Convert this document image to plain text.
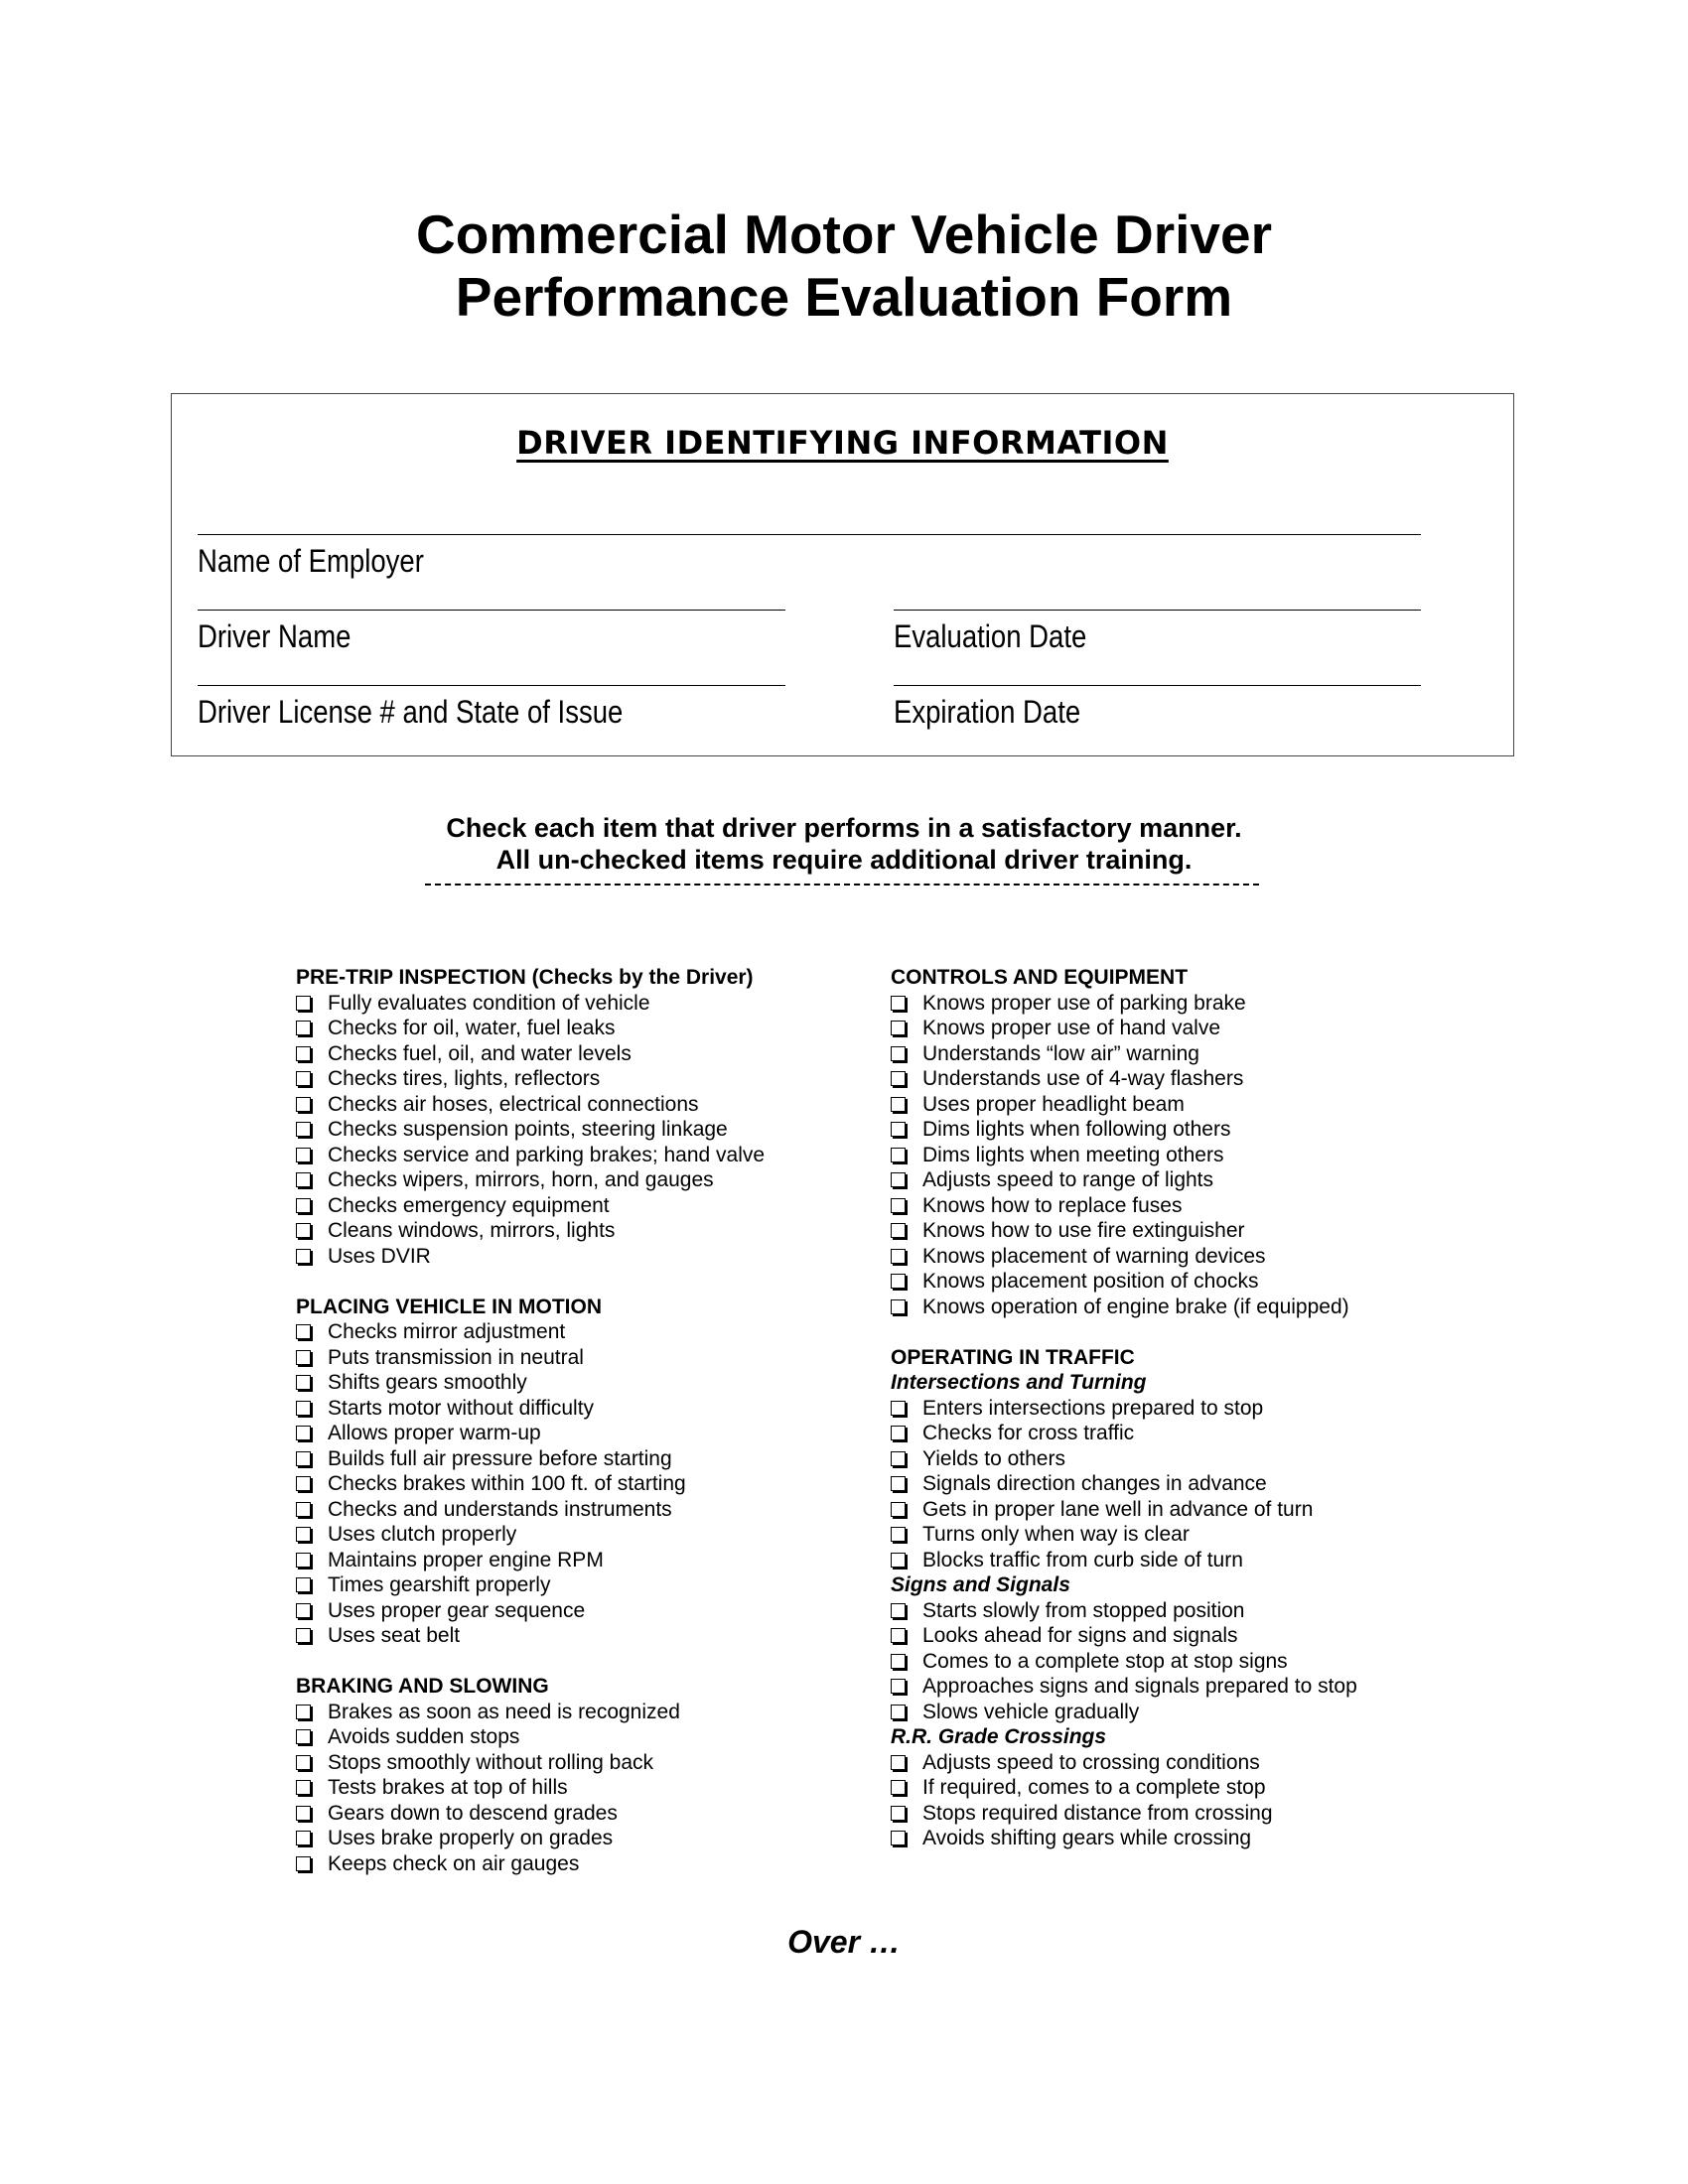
Commercial Motor Vehicle Driver
Performance Evaluation Form
DRIVER IDENTIFYING INFORMATION
Name of Employer
Driver Name	Evaluation Date
Driver License # and State of Issue	Expiration Date
Check each item that driver performs in a satisfactory manner.
All un-checked items require additional driver training.
PRE-TRIP INSPECTION (Checks by the Driver)
Fully evaluates condition of vehicle
Checks for oil, water, fuel leaks
Checks fuel, oil, and water levels
Checks tires, lights, reflectors
Checks air hoses, electrical connections
Checks suspension points, steering linkage
Checks service and parking brakes; hand valve
Checks wipers, mirrors, horn, and gauges
Checks emergency equipment
Cleans windows, mirrors, lights
Uses DVIR
PLACING VEHICLE IN MOTION
Checks mirror adjustment
Puts transmission in neutral
Shifts gears smoothly
Starts motor without difficulty
Allows proper warm-up
Builds full air pressure before starting
Checks brakes within 100 ft. of starting
Checks and understands instruments
Uses clutch properly
Maintains proper engine RPM
Times gearshift properly
Uses proper gear sequence
Uses seat belt
BRAKING AND SLOWING
Brakes as soon as need is recognized
Avoids sudden stops
Stops smoothly without rolling back
Tests brakes at top of hills
Gears down to descend grades
Uses brake properly on grades
Keeps check on air gauges
CONTROLS AND EQUIPMENT
Knows proper use of parking brake
Knows proper use of hand valve
Understands “low air” warning
Understands use of 4-way flashers
Uses proper headlight beam
Dims lights when following others
Dims lights when meeting others
Adjusts speed to range of lights
Knows how to replace fuses
Knows how to use fire extinguisher
Knows placement of warning devices
Knows placement position of chocks
Knows operation of engine brake (if equipped)
OPERATING IN TRAFFIC
Intersections and Turning
Enters intersections prepared to stop
Checks for cross traffic
Yields to others
Signals direction changes in advance
Gets in proper lane well in advance of turn
Turns only when way is clear
Blocks traffic from curb side of turn
Signs and Signals
Starts slowly from stopped position
Looks ahead for signs and signals
Comes to a complete stop at stop signs
Approaches signs and signals prepared to stop
Slows vehicle gradually
R.R. Grade Crossings
Adjusts speed to crossing conditions
If required, comes to a complete stop
Stops required distance from crossing
Avoids shifting gears while crossing
Over …
